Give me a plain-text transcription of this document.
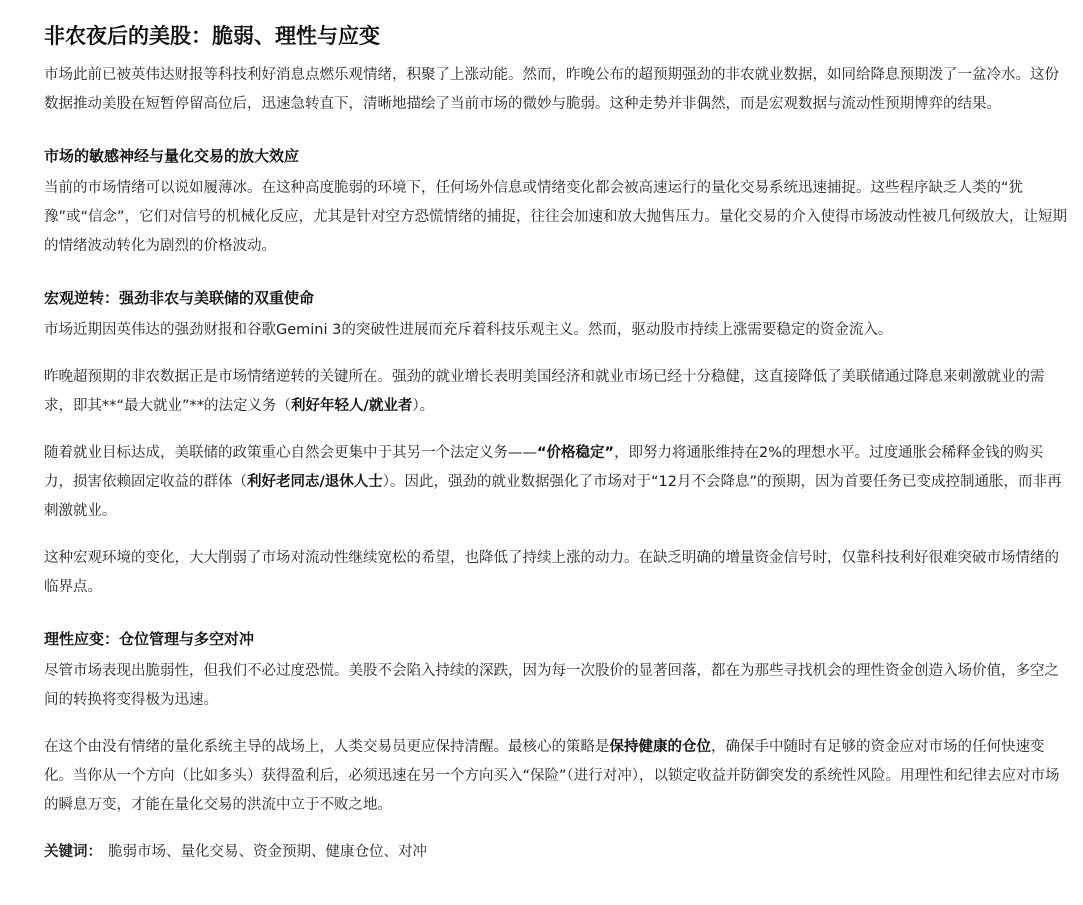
非农夜后的美股：脆弱、理性与应变

市场此前已被英伟达财报等科技利好消息点燃乐观情绪，积聚了上涨动能。然而，昨晚公布的超预期强劲的非农就业数据，如同给降息预期泼了一盆冷水。这份数据推动美股在短暂停留高位后，迅速急转直下，清晰地描绘了当前市场的微妙与脆弱。这种走势并非偶然，而是宏观数据与流动性预期博弈的结果。

市场的敏感神经与量化交易的放大效应

当前的市场情绪可以说如履薄冰。在这种高度脆弱的环境下，任何场外信息或情绪变化都会被高速运行的量化交易系统迅速捕捉。这些程序缺乏人类的“犹豫”或“信念”，它们对信号的机械化反应，尤其是针对空方恐慌情绪的捕捉，往往会加速和放大抛售压力。量化交易的介入使得市场波动性被几何级放大，让短期的情绪波动转化为剧烈的价格波动。

宏观逆转：强劲非农与美联储的双重使命

市场近期因英伟达的强劲财报和谷歌Gemini 3的突破性进展而充斥着科技乐观主义。然而，驱动股市持续上涨需要稳定的资金流入。

昨晚超预期的非农数据正是市场情绪逆转的关键所在。强劲的就业增长表明美国经济和就业市场已经十分稳健，这直接降低了美联储通过降息来刺激就业的需求，即其**“最大就业”**的法定义务（利好年轻人/就业者）。

随着就业目标达成，美联储的政策重心自然会更集中于其另一个法定义务——“价格稳定”，即努力将通胀维持在2%的理想水平。过度通胀会稀释金钱的购买力，损害依赖固定收益的群体（利好老同志/退休人士）。因此，强劲的就业数据强化了市场对于“12月不会降息”的预期，因为首要任务已变成控制通胀，而非再刺激就业。

这种宏观环境的变化，大大削弱了市场对流动性继续宽松的希望，也降低了持续上涨的动力。在缺乏明确的增量资金信号时，仅靠科技利好很难突破市场情绪的临界点。

理性应变：仓位管理与多空对冲

尽管市场表现出脆弱性，但我们不必过度恐慌。美股不会陷入持续的深跌，因为每一次股价的显著回落，都在为那些寻找机会的理性资金创造入场价值，多空之间的转换将变得极为迅速。

在这个由没有情绪的量化系统主导的战场上，人类交易员更应保持清醒。最核心的策略是保持健康的仓位，确保手中随时有足够的资金应对市场的任何快速变化。当你从一个方向（比如多头）获得盈利后，必须迅速在另一个方向买入“保险”（进行对冲），以锁定收益并防御突发的系统性风险。用理性和纪律去应对市场的瞬息万变，才能在量化交易的洪流中立于不败之地。

关键词： 脆弱市场、量化交易、资金预期、健康仓位、对冲
